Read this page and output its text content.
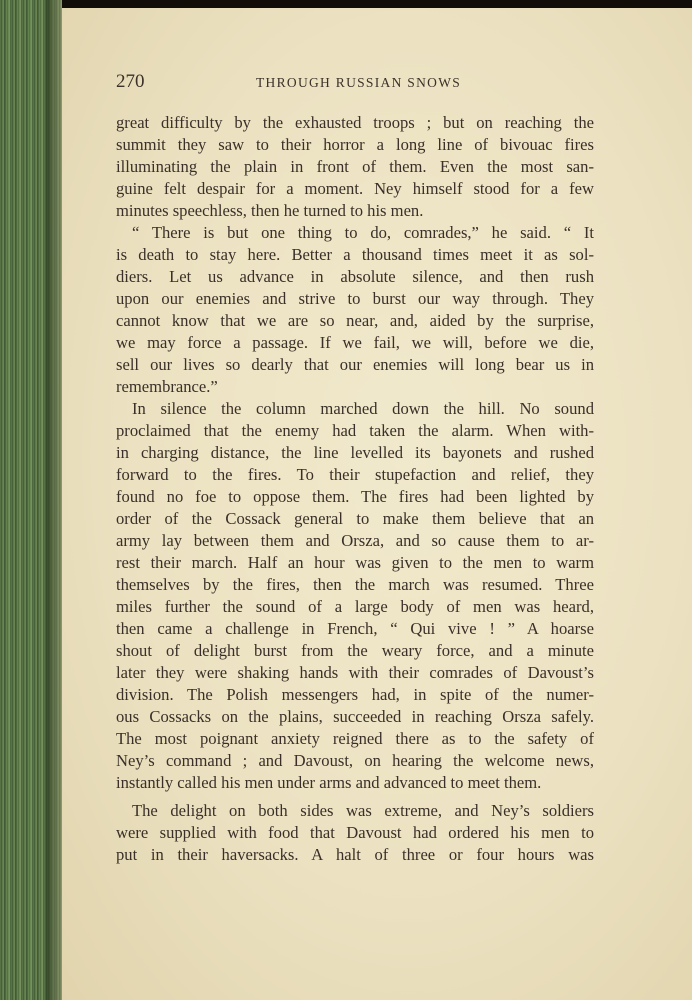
270	THROUGH RUSSIAN SNOWS
great difficulty by the exhausted troops ; but on reaching the
summit they saw to their horror a long line of bivouac fires
illuminating the plain in front of them. Even the most san-
guine felt despair for a moment. Ney himself stood for a few
minutes speechless, then he turned to his men.
“ There is but one thing to do, comrades,” he said. “ It
is death to stay here. Better a thousand times meet it as sol-
diers. Let us advance in absolute silence, and then rush
upon our enemies and strive to burst our way through. They
cannot know that we are so near, and, aided by the surprise,
we may force a passage. If we fail, we will, before we die,
sell our lives so dearly that our enemies will long bear us in
remembrance.”
In silence the column marched down the hill. No sound
proclaimed that the enemy had taken the alarm. When with-
in charging distance, the line levelled its bayonets and rushed
forward to the fires. To their stupefaction and relief, they
found no foe to oppose them. The fires had been lighted by
order of the Cossack general to make them believe that an
army lay between them and Orsza, and so cause them to ar-
rest their march. Half an hour was given to the men to warm
themselves by the fires, then the march was resumed. Three
miles further the sound of a large body of men was heard,
then came a challenge in French, “ Qui vive ! ” A hoarse
shout of delight burst from the weary force, and a minute
later they were shaking hands with their comrades of Davoust’s
division. The Polish messengers had, in spite of the numer-
ous Cossacks on the plains, succeeded in reaching Orsza safely.
The most poignant anxiety reigned there as to the safety of
Ney’s command ; and Davoust, on hearing the welcome news,
instantly called his men under arms and advanced to meet them.
The delight on both sides was extreme, and Ney’s soldiers
were supplied with food that Davoust had ordered his men to
put in their haversacks. A halt of three or four hours was
